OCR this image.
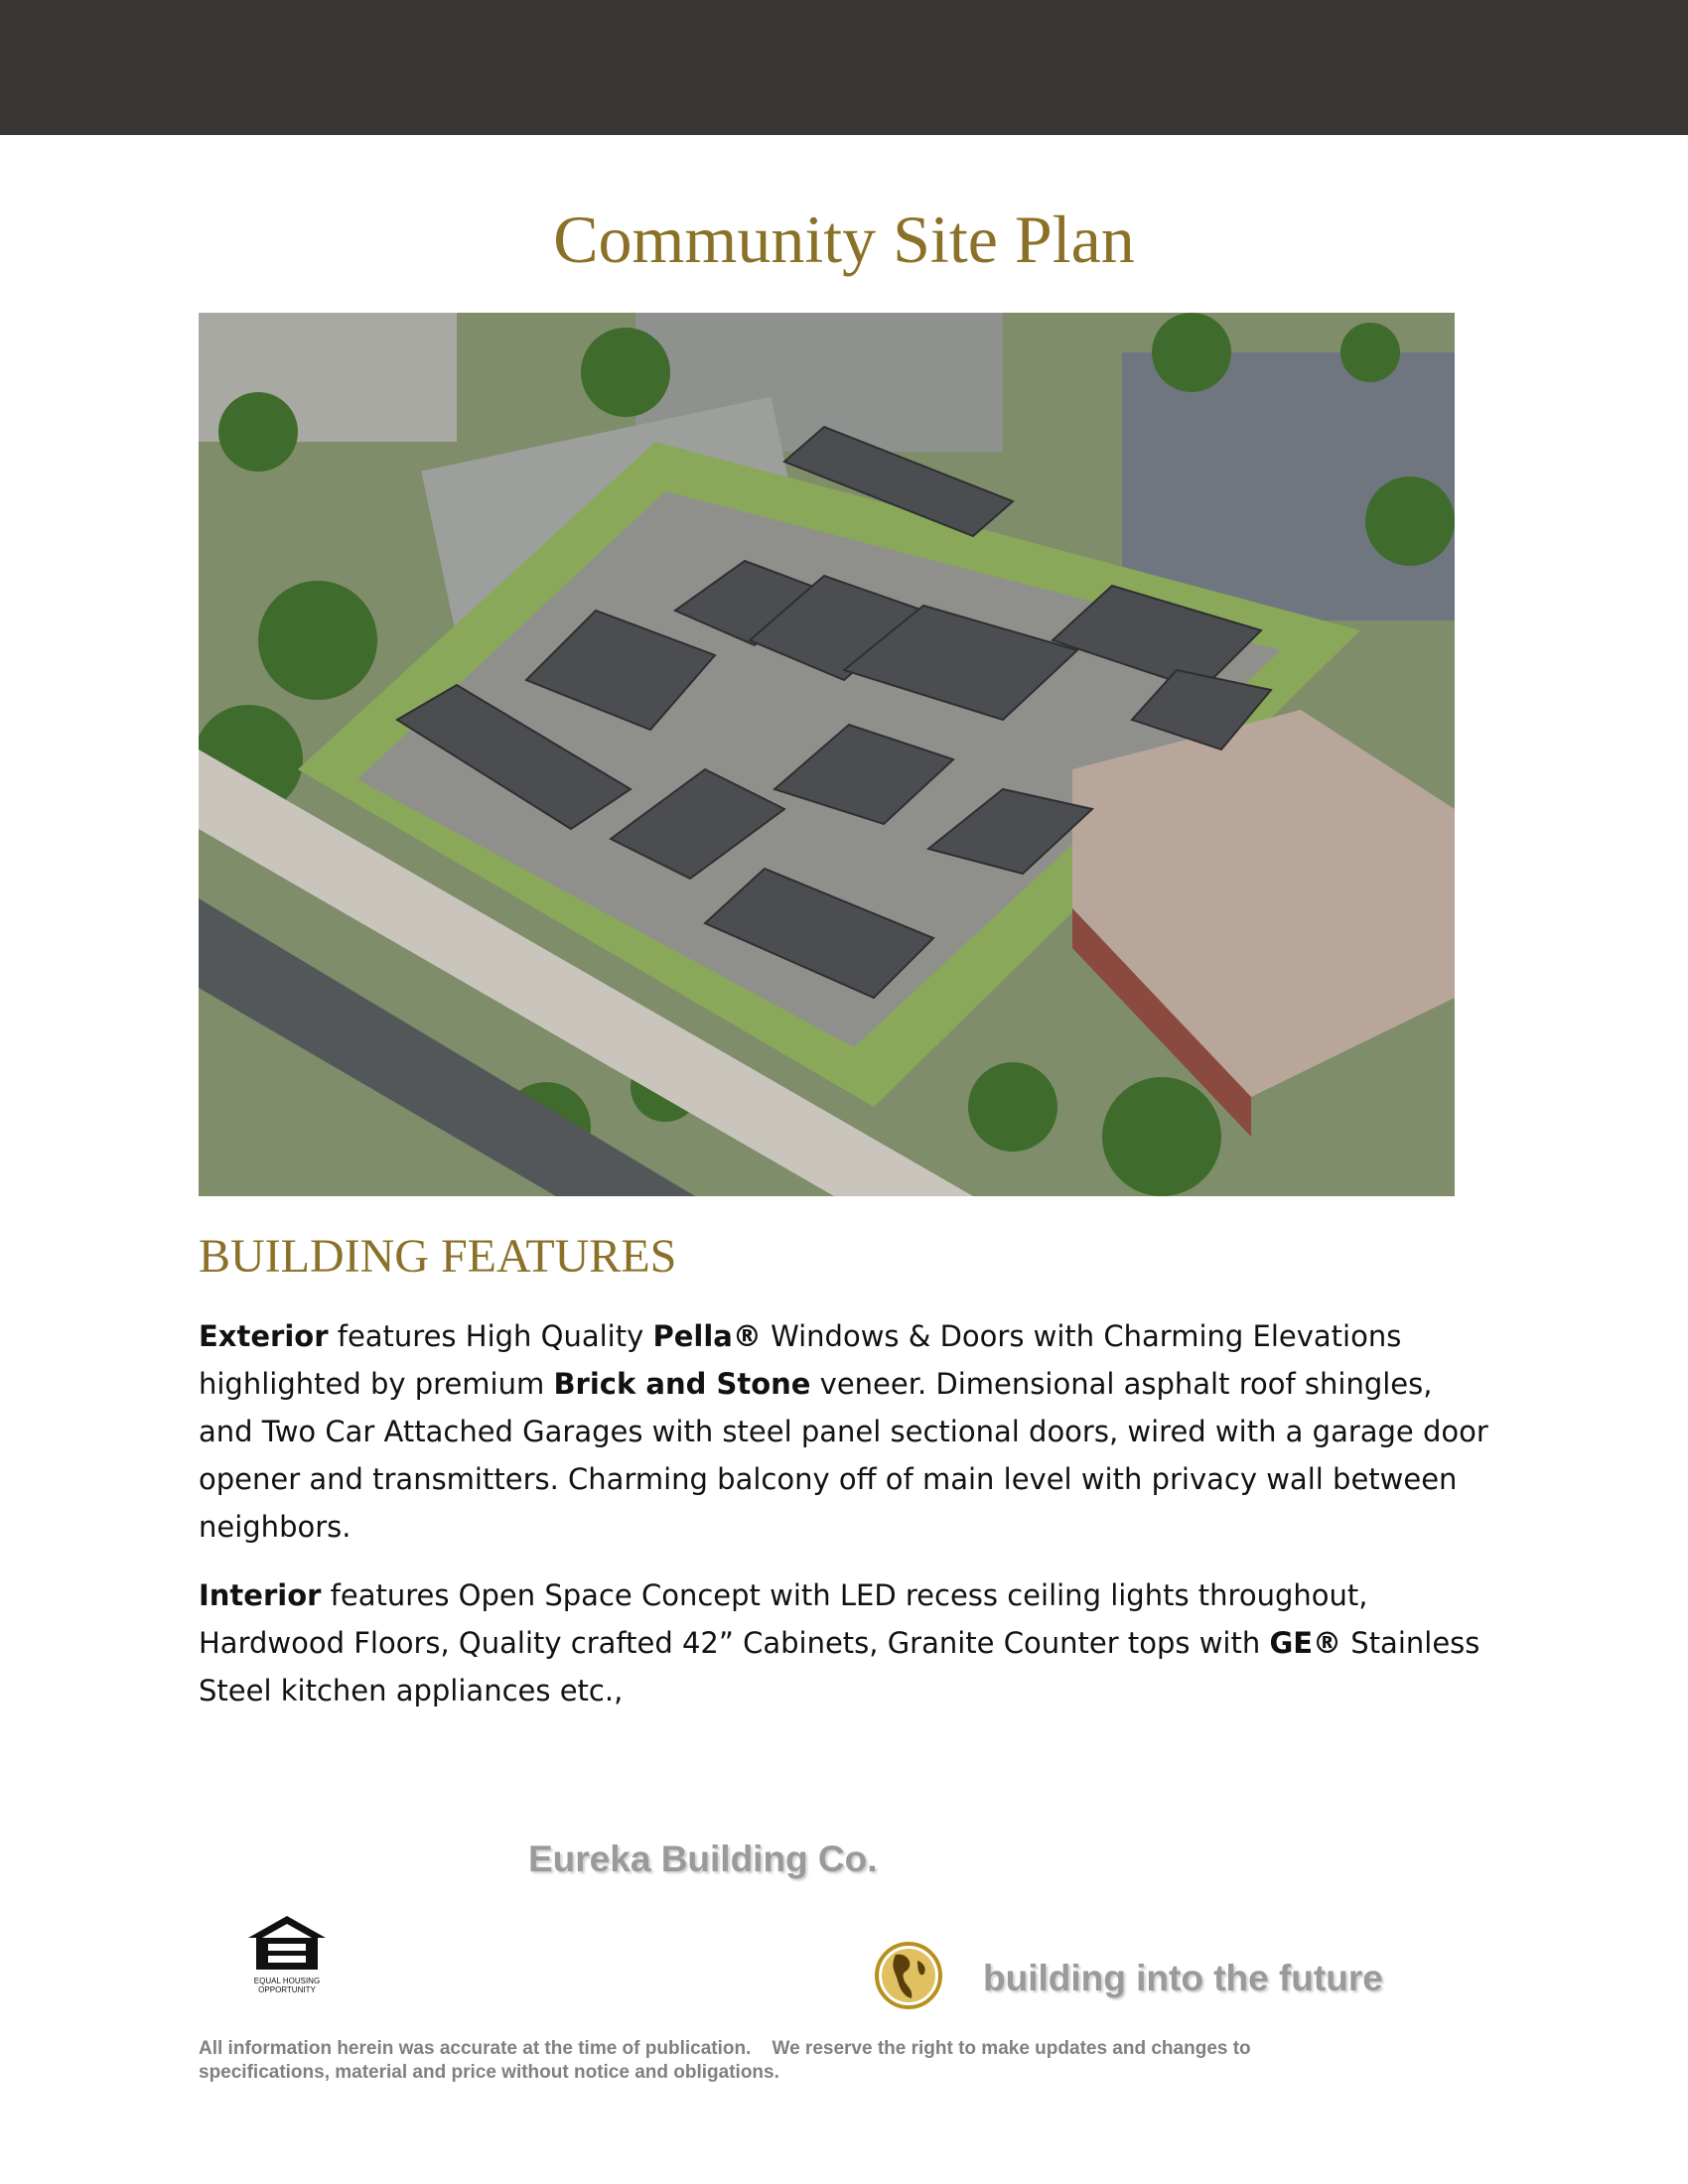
Community Site Plan
BUILDING FEATURES

Exterior features High Quality Pella® Windows & Doors with Charming Elevations highlighted by premium Brick and Stone veneer. Dimensional asphalt roof shingles, and Two Car Attached Garages with steel panel sectional doors, wired with a garage door opener and transmitters. Charming balcony off of main level with privacy wall between neighbors.

Interior features Open Space Concept with LED recess ceiling lights throughout, Hardwood Floors, Quality crafted 42” Cabinets, Granite Counter tops with GE® Stainless Steel kitchen appliances etc.,

Eureka Building Co.
EQUAL HOUSING
OPPORTUNITY	building into the future

All information herein was accurate at the time of publication.    We reserve the right to make updates and changes to
specifications, material and price without notice and obligations.
